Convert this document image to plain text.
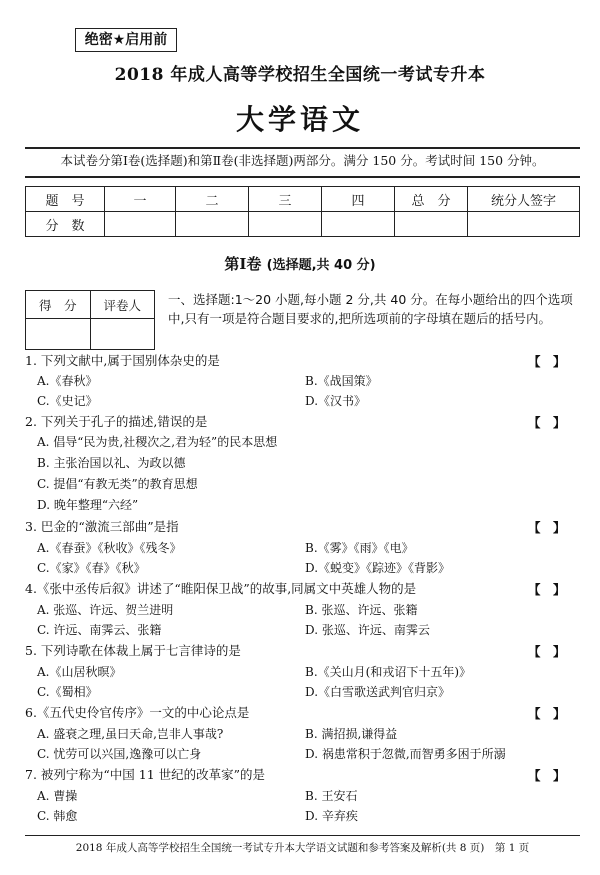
绝密★启用前
2018 年成人高等学校招生全国统一考试专升本
大学语文
本试卷分第Ⅰ卷(选择题)和第Ⅱ卷(非选择题)两部分。满分 150 分。考试时间 150 分钟。
题　号	一	二	三	四	总　分	统分人签字
分　数						
第Ⅰ卷 (选择题,共 40 分)
得　分	评卷人
	一、选择题:1～20 小题,每小题 2 分,共 40 分。在每小题给出的四个选项中,只有一项是符合题目要求的,把所选项前的字母填在题后的括号内。
1. 下列文献中,属于国别体杂史的是	【　】
A.《春秋》	B.《战国策》
C.《史记》	D.《汉书》
2. 下列关于孔子的描述,错误的是	【　】
A. 倡导“民为贵,社稷次之,君为轻”的民本思想
B. 主张治国以礼、为政以德
C. 提倡“有教无类”的教育思想
D. 晚年整理“六经”
3. 巴金的“激流三部曲”是指	【　】
A.《春蚕》《秋收》《残冬》	B.《雾》《雨》《电》
C.《家》《春》《秋》	D.《蜕变》《踪迹》《背影》
4.《张中丞传后叙》讲述了“睢阳保卫战”的故事,同属文中英雄人物的是	【　】
A. 张巡、许远、贺兰进明	B. 张巡、许远、张籍
C. 许远、南霁云、张籍	D. 张巡、许远、南霁云
5. 下列诗歌在体裁上属于七言律诗的是	【　】
A.《山居秋暝》	B.《关山月(和戎诏下十五年)》
C.《蜀相》	D.《白雪歌送武判官归京》
6.《五代史伶官传序》一文的中心论点是	【　】
A. 盛衰之理,虽曰天命,岂非人事哉?	B. 满招损,谦得益
C. 忧劳可以兴国,逸豫可以亡身	D. 祸患常积于忽微,而智勇多困于所溺
7. 被列宁称为“中国 11 世纪的改革家”的是	【　】
A. 曹操	B. 王安石
C. 韩愈	D. 辛弃疾
2018 年成人高等学校招生全国统一考试专升本大学语文试题和参考答案及解析(共 8 页)　第 1 页
